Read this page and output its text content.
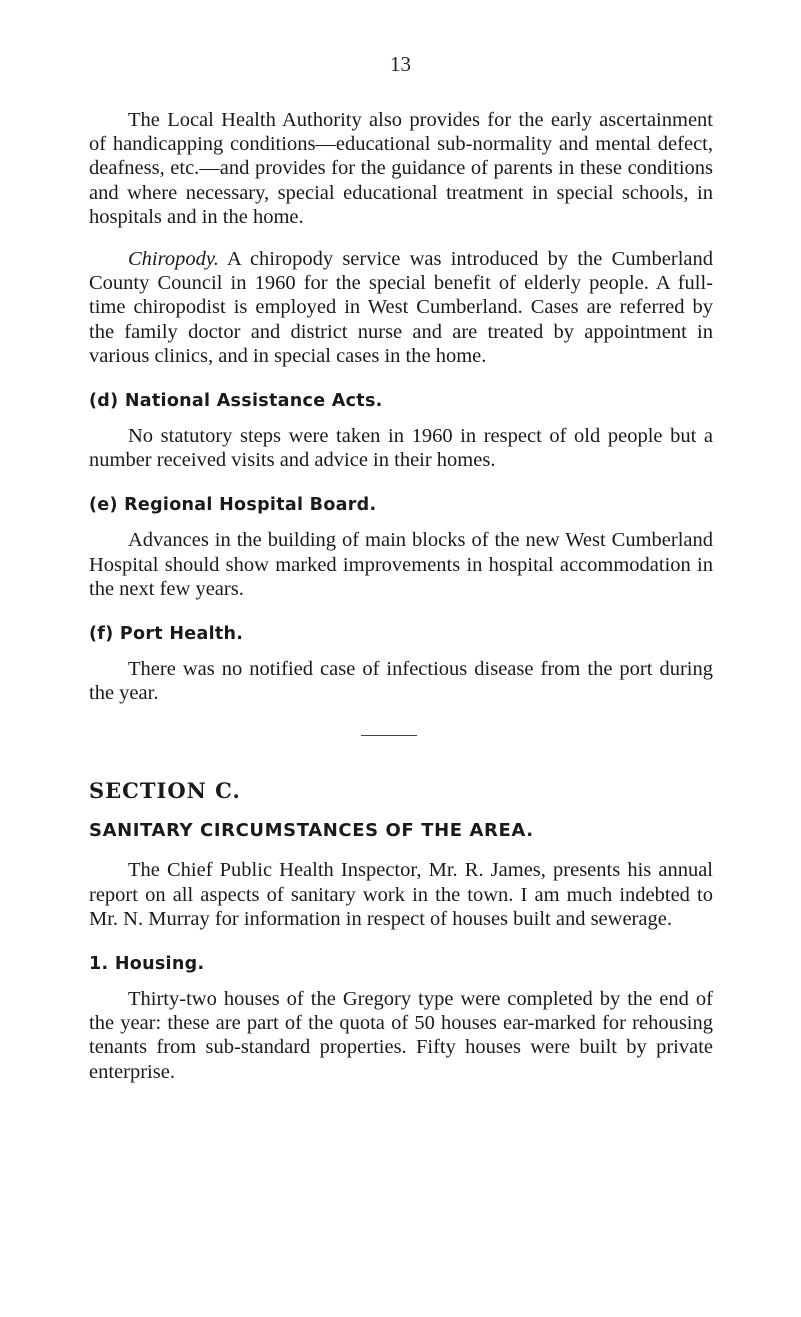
13

The Local Health Authority also provides for the early ascertainment of handicapping conditions—educational sub-normality and mental defect, deafness, etc.—and provides for the guidance of parents in these conditions and where necessary, special educational treatment in special schools, in hospitals and in the home.

Chiropody. A chiropody service was introduced by the Cumberland County Council in 1960 for the special benefit of elderly people. A full-time chiropodist is employed in West Cumberland. Cases are referred by the family doctor and district nurse and are treated by appointment in various clinics, and in special cases in the home.

(d) National Assistance Acts.

No statutory steps were taken in 1960 in respect of old people but a number received visits and advice in their homes.

(e) Regional Hospital Board.

Advances in the building of main blocks of the new West Cumberland Hospital should show marked improvements in hospital accommodation in the next few years.

(f) Port Health.

There was no notified case of infectious disease from the port during the year.

SECTION C.
SANITARY CIRCUMSTANCES OF THE AREA.

The Chief Public Health Inspector, Mr. R. James, presents his annual report on all aspects of sanitary work in the town. I am much indebted to Mr. N. Murray for information in respect of houses built and sewerage.

1. Housing.

Thirty-two houses of the Gregory type were completed by the end of the year: these are part of the quota of 50 houses ear-marked for rehousing tenants from sub-standard properties. Fifty houses were built by private enterprise.
